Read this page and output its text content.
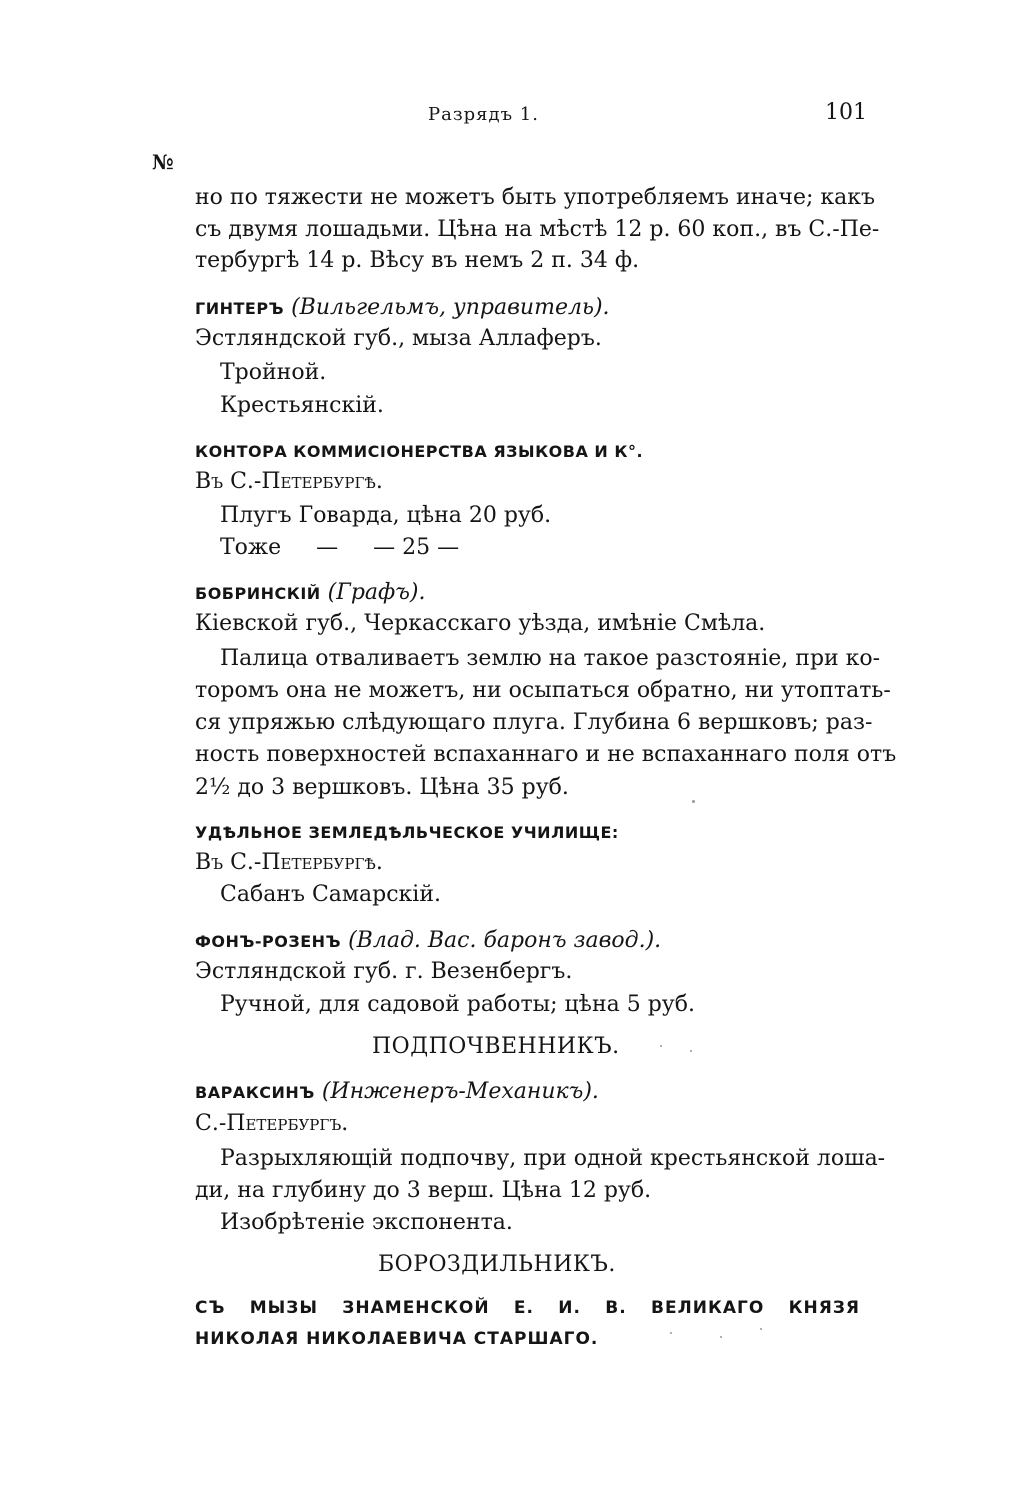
Разрядъ 1.	101
№
но по тяжести не можетъ быть употребляемъ иначе; какъ
съ двумя лошадьми. Цѣна на мѣстѣ 12 р. 60 коп., въ С.-Пе-
тербургѣ 14 р. Вѣсу въ немъ 2 п. 34 ф.
ГИНТЕРЪ (Вильгельмъ, управитель).
Эстляндской губ., мыза Аллаферъ.
Тройной.
Крестьянскій.
КОНТОРА КОММИСІОНЕРСТВА ЯЗЫКОВА И К°.
Въ С.-Петербургѣ.
Плугъ Говарда, цѣна 20 руб.
Тоже     —     — 25 —
БОБРИНСКІЙ (Графъ).
Кіевской губ., Черкасскаго уѣзда, имѣніе Смѣла.
Палица отваливаетъ землю на такое разстояніе, при ко-
торомъ она не можетъ, ни осыпаться обратно, ни утоптать-
ся упряжью слѣдующаго плуга. Глубина 6 вершковъ; раз-
ность поверхностей вспаханнаго и не вспаханнаго поля отъ
2½ до 3 вершковъ. Цѣна 35 руб.
УДѢЛЬНОЕ ЗЕМЛЕДѢЛЬЧЕСКОЕ УЧИЛИЩЕ:
Въ С.-Петербургѣ.
Сабанъ Самарскій.
ФОНЪ-РОЗЕНЪ (Влад. Вас. баронъ завод.).
Эстляндской губ. г. Везенбергъ.
Ручной, для садовой работы; цѣна 5 руб.
ПОДПОЧВЕННИКЪ.
ВАРАКСИНЪ (Инженеръ-Механикъ).
С.-Петербургъ.
Разрыхляющій подпочву, при одной крестьянской лоша-
ди, на глубину до 3 верш. Цѣна 12 руб.
Изобрѣтеніе экспонента.
БОРОЗДИЛЬНИКЪ.
СЪ МЫЗЫ ЗНАМЕНСКОЙ Е. И. В. ВЕЛИКАГО КНЯЗЯ
НИКОЛАЯ НИКОЛАЕВИЧА СТАРШАГО.
